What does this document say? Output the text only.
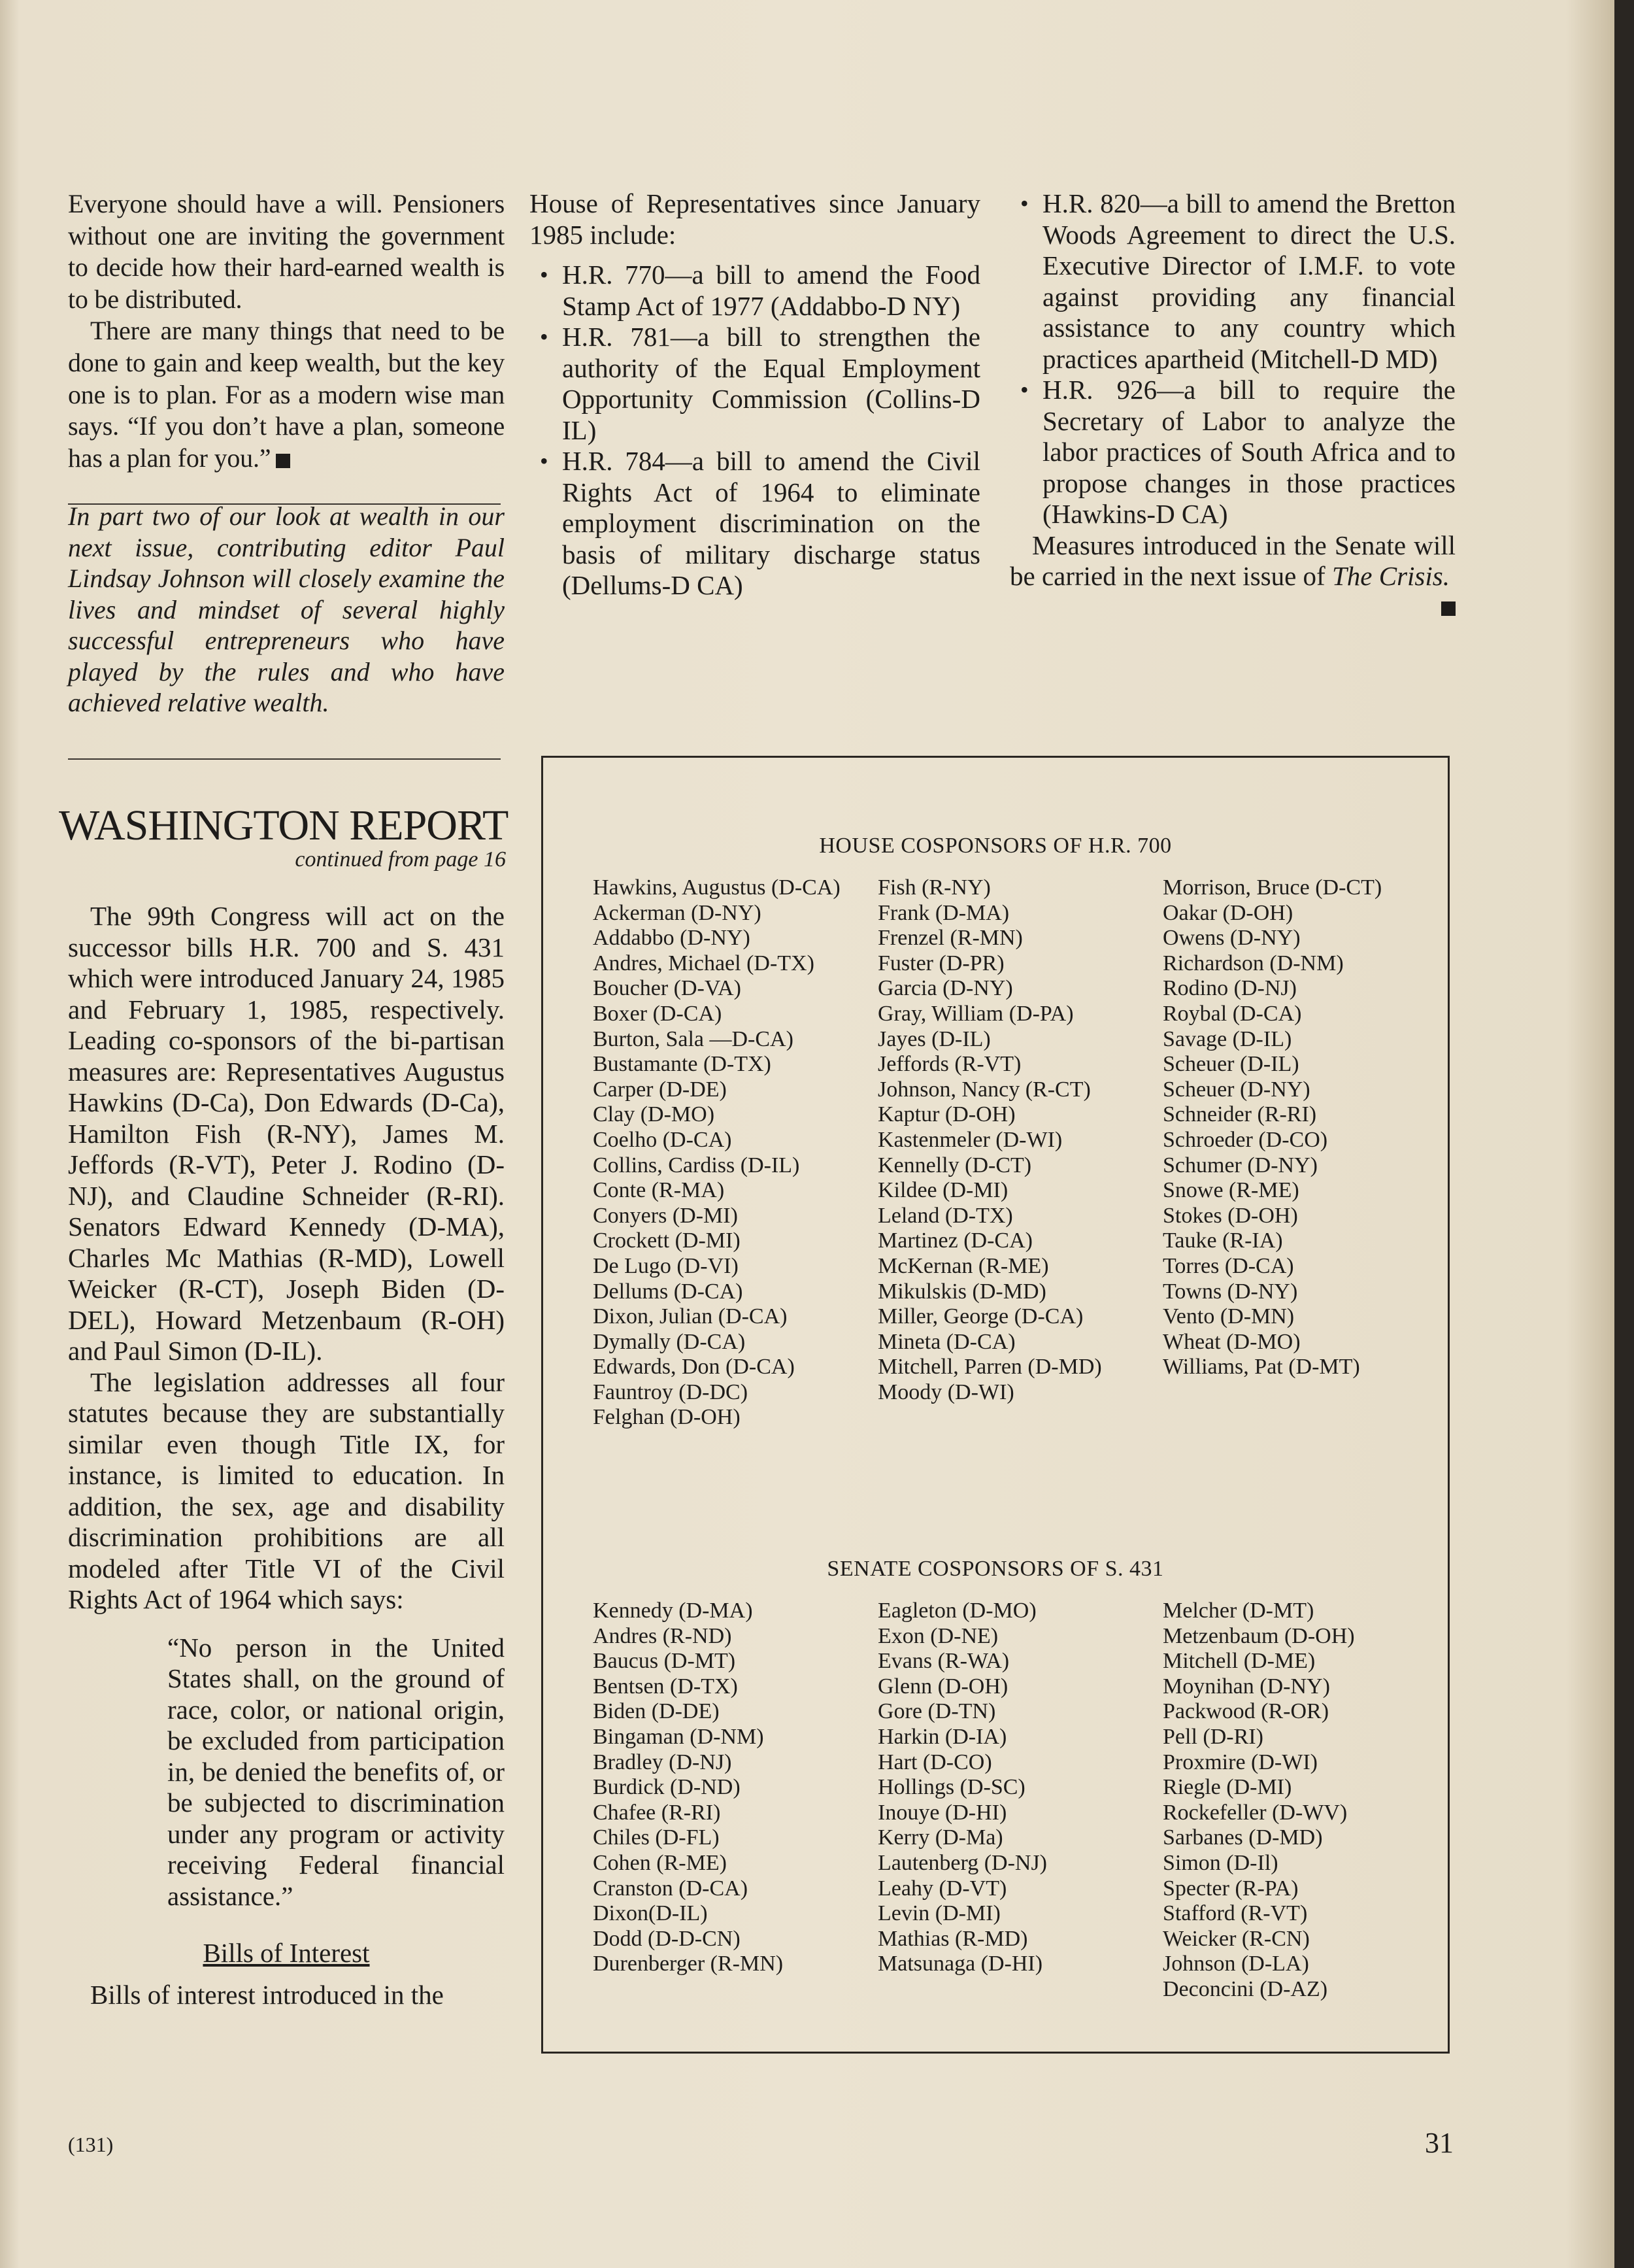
Everyone should have a will. Pensioners without one are inviting the government to decide how their hard-earned wealth is to be distributed.

There are many things that need to be done to gain and keep wealth, but the key one is to plan. For as a modern wise man says. “If you don’t have a plan, someone has a plan for you.”

In part two of our look at wealth in our next issue, contributing editor Paul Lindsay Johnson will closely examine the lives and mindset of several highly successful entrepreneurs who have played by the rules and who have achieved relative wealth.

House of Representatives since January 1985 include:

• H.R. 770—a bill to amend the Food Stamp Act of 1977 (Addabbo-D NY)
• H.R. 781—a bill to strengthen the authority of the Equal Employment Opportunity Commission (Collins-D IL)
• H.R. 784—a bill to amend the Civil Rights Act of 1964 to eliminate employment discrimination on the basis of military discharge status (Dellums-D CA)
• H.R. 820—a bill to amend the Bretton Woods Agreement to direct the U.S. Executive Director of I.M.F. to vote against providing any financial assistance to any country which practices apartheid (Mitchell-D MD)
• H.R. 926—a bill to require the Secretary of Labor to analyze the labor practices of South Africa and to propose changes in those practices (Hawkins-D CA)

Measures introduced in the Senate will be carried in the next issue of The Crisis.

WASHINGTON REPORT
continued from page 16

The 99th Congress will act on the successor bills H.R. 700 and S. 431 which were introduced January 24, 1985 and February 1, 1985, respectively. Leading co-sponsors of the bi-partisan measures are: Representatives Augustus Hawkins (D-Ca), Don Edwards (D-Ca), Hamilton Fish (R-NY), James M. Jeffords (R-VT), Peter J. Rodino (D-NJ), and Claudine Schneider (R-RI). Senators Edward Kennedy (D-MA), Charles Mc Mathias (R-MD), Lowell Weicker (R-CT), Joseph Biden (D-DEL), Howard Metzenbaum (R-OH) and Paul Simon (D-IL).

The legislation addresses all four statutes because they are substantially similar even though Title IX, for instance, is limited to education. In addition, the sex, age and disability discrimination prohibitions are all modeled after Title VI of the Civil Rights Act of 1964 which says:

“No person in the United States shall, on the ground of race, color, or national origin, be excluded from participation in, be denied the benefits of, or be subjected to discrimination under any program or activity receiving Federal financial assistance.”

Bills of Interest

Bills of interest introduced in the

HOUSE COSPONSORS OF H.R. 700
Hawkins, Augustus (D-CA)
Ackerman (D-NY)
Addabbo (D-NY)
Andres, Michael (D-TX)
Boucher (D-VA)
Boxer (D-CA)
Burton, Sala —D-CA)
Bustamante (D-TX)
Carper (D-DE)
Clay (D-MO)
Coelho (D-CA)
Collins, Cardiss (D-IL)
Conte (R-MA)
Conyers (D-MI)
Crockett (D-MI)
De Lugo (D-VI)
Dellums (D-CA)
Dixon, Julian (D-CA)
Dymally (D-CA)
Edwards, Don (D-CA)
Fauntroy (D-DC)
Felghan (D-OH)
Fish (R-NY)
Frank (D-MA)
Frenzel (R-MN)
Fuster (D-PR)
Garcia (D-NY)
Gray, William (D-PA)
Jayes (D-IL)
Jeffords (R-VT)
Johnson, Nancy (R-CT)
Kaptur (D-OH)
Kastenmeler (D-WI)
Kennelly (D-CT)
Kildee (D-MI)
Leland (D-TX)
Martinez (D-CA)
McKernan (R-ME)
Mikulskis (D-MD)
Miller, George (D-CA)
Mineta (D-CA)
Mitchell, Parren (D-MD)
Moody (D-WI)
Morrison, Bruce (D-CT)
Oakar (D-OH)
Owens (D-NY)
Richardson (D-NM)
Rodino (D-NJ)
Roybal (D-CA)
Savage (D-IL)
Scheuer (D-IL)
Scheuer (D-NY)
Schneider (R-RI)
Schroeder (D-CO)
Schumer (D-NY)
Snowe (R-ME)
Stokes (D-OH)
Tauke (R-IA)
Torres (D-CA)
Towns (D-NY)
Vento (D-MN)
Wheat (D-MO)
Williams, Pat (D-MT)
SENATE COSPONSORS OF S. 431
Kennedy (D-MA)
Andres (R-ND)
Baucus (D-MT)
Bentsen (D-TX)
Biden (D-DE)
Bingaman (D-NM)
Bradley (D-NJ)
Burdick (D-ND)
Chafee (R-RI)
Chiles (D-FL)
Cohen (R-ME)
Cranston (D-CA)
Dixon(D-IL)
Dodd (D-D-CN)
Durenberger (R-MN)
Eagleton (D-MO)
Exon (D-NE)
Evans (R-WA)
Glenn (D-OH)
Gore (D-TN)
Harkin (D-IA)
Hart (D-CO)
Hollings (D-SC)
Inouye (D-HI)
Kerry (D-Ma)
Lautenberg (D-NJ)
Leahy (D-VT)
Levin (D-MI)
Mathias (R-MD)
Matsunaga (D-HI)
Melcher (D-MT)
Metzenbaum (D-OH)
Mitchell (D-ME)
Moynihan (D-NY)
Packwood (R-OR)
Pell (D-RI)
Proxmire (D-WI)
Riegle (D-MI)
Rockefeller (D-WV)
Sarbanes (D-MD)
Simon (D-Il)
Specter (R-PA)
Stafford (R-VT)
Weicker (R-CN)
Johnson (D-LA)
Deconcini (D-AZ)
(131)	31
